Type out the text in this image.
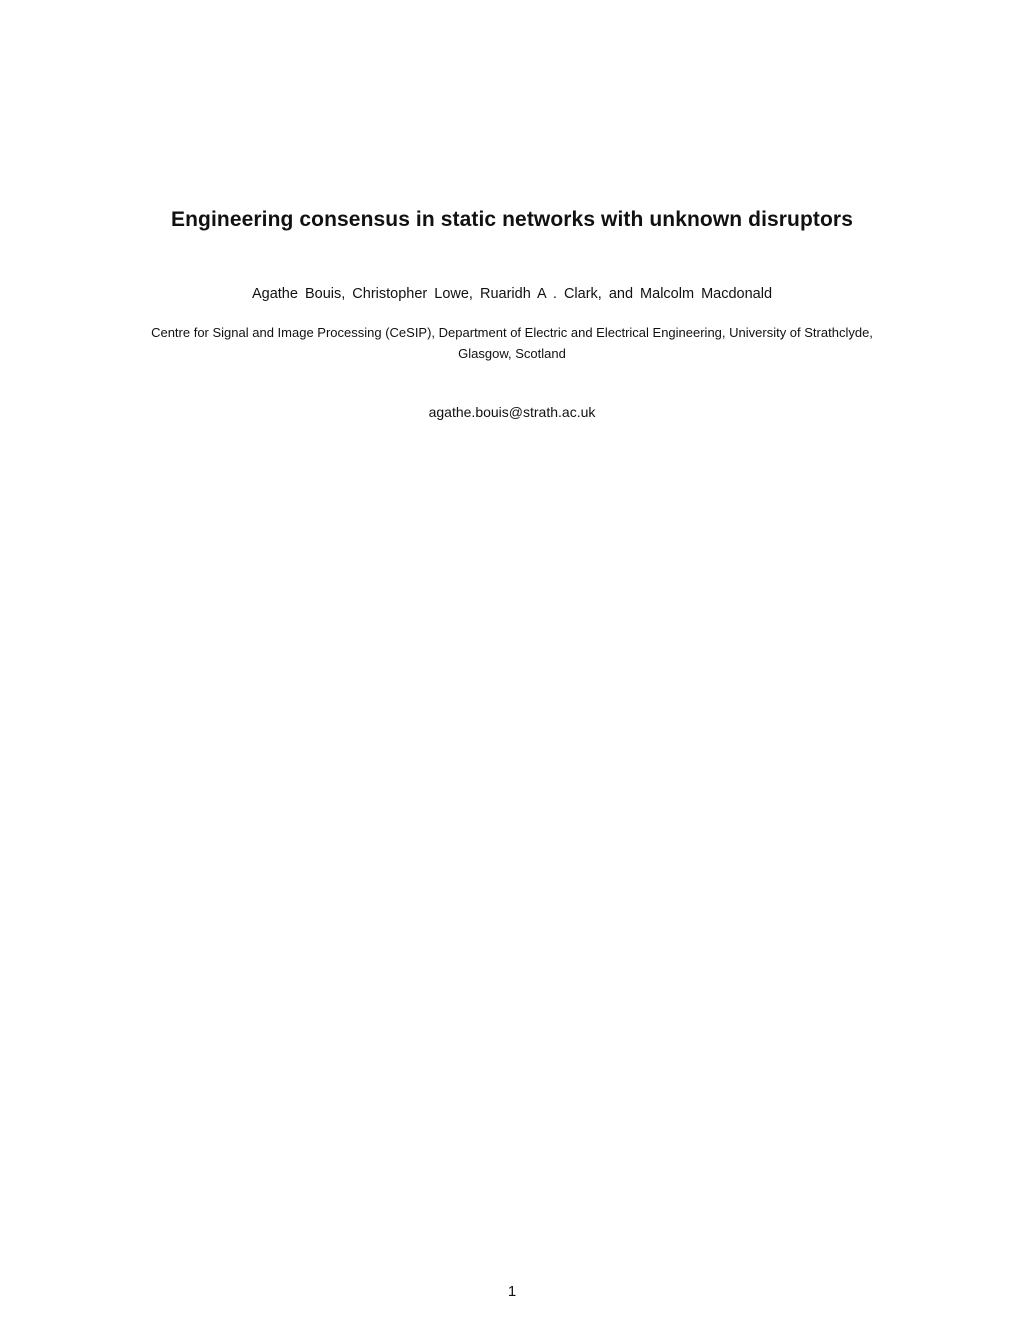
Engineering consensus in static networks with unknown disruptors
Agathe Bouis, Christopher Lowe, Ruaridh A . Clark, and Malcolm Macdonald
Centre for Signal and Image Processing (CeSIP), Department of Electric and Electrical Engineering, University of Strathclyde, Glasgow, Scotland
agathe.bouis@strath.ac.uk
1
